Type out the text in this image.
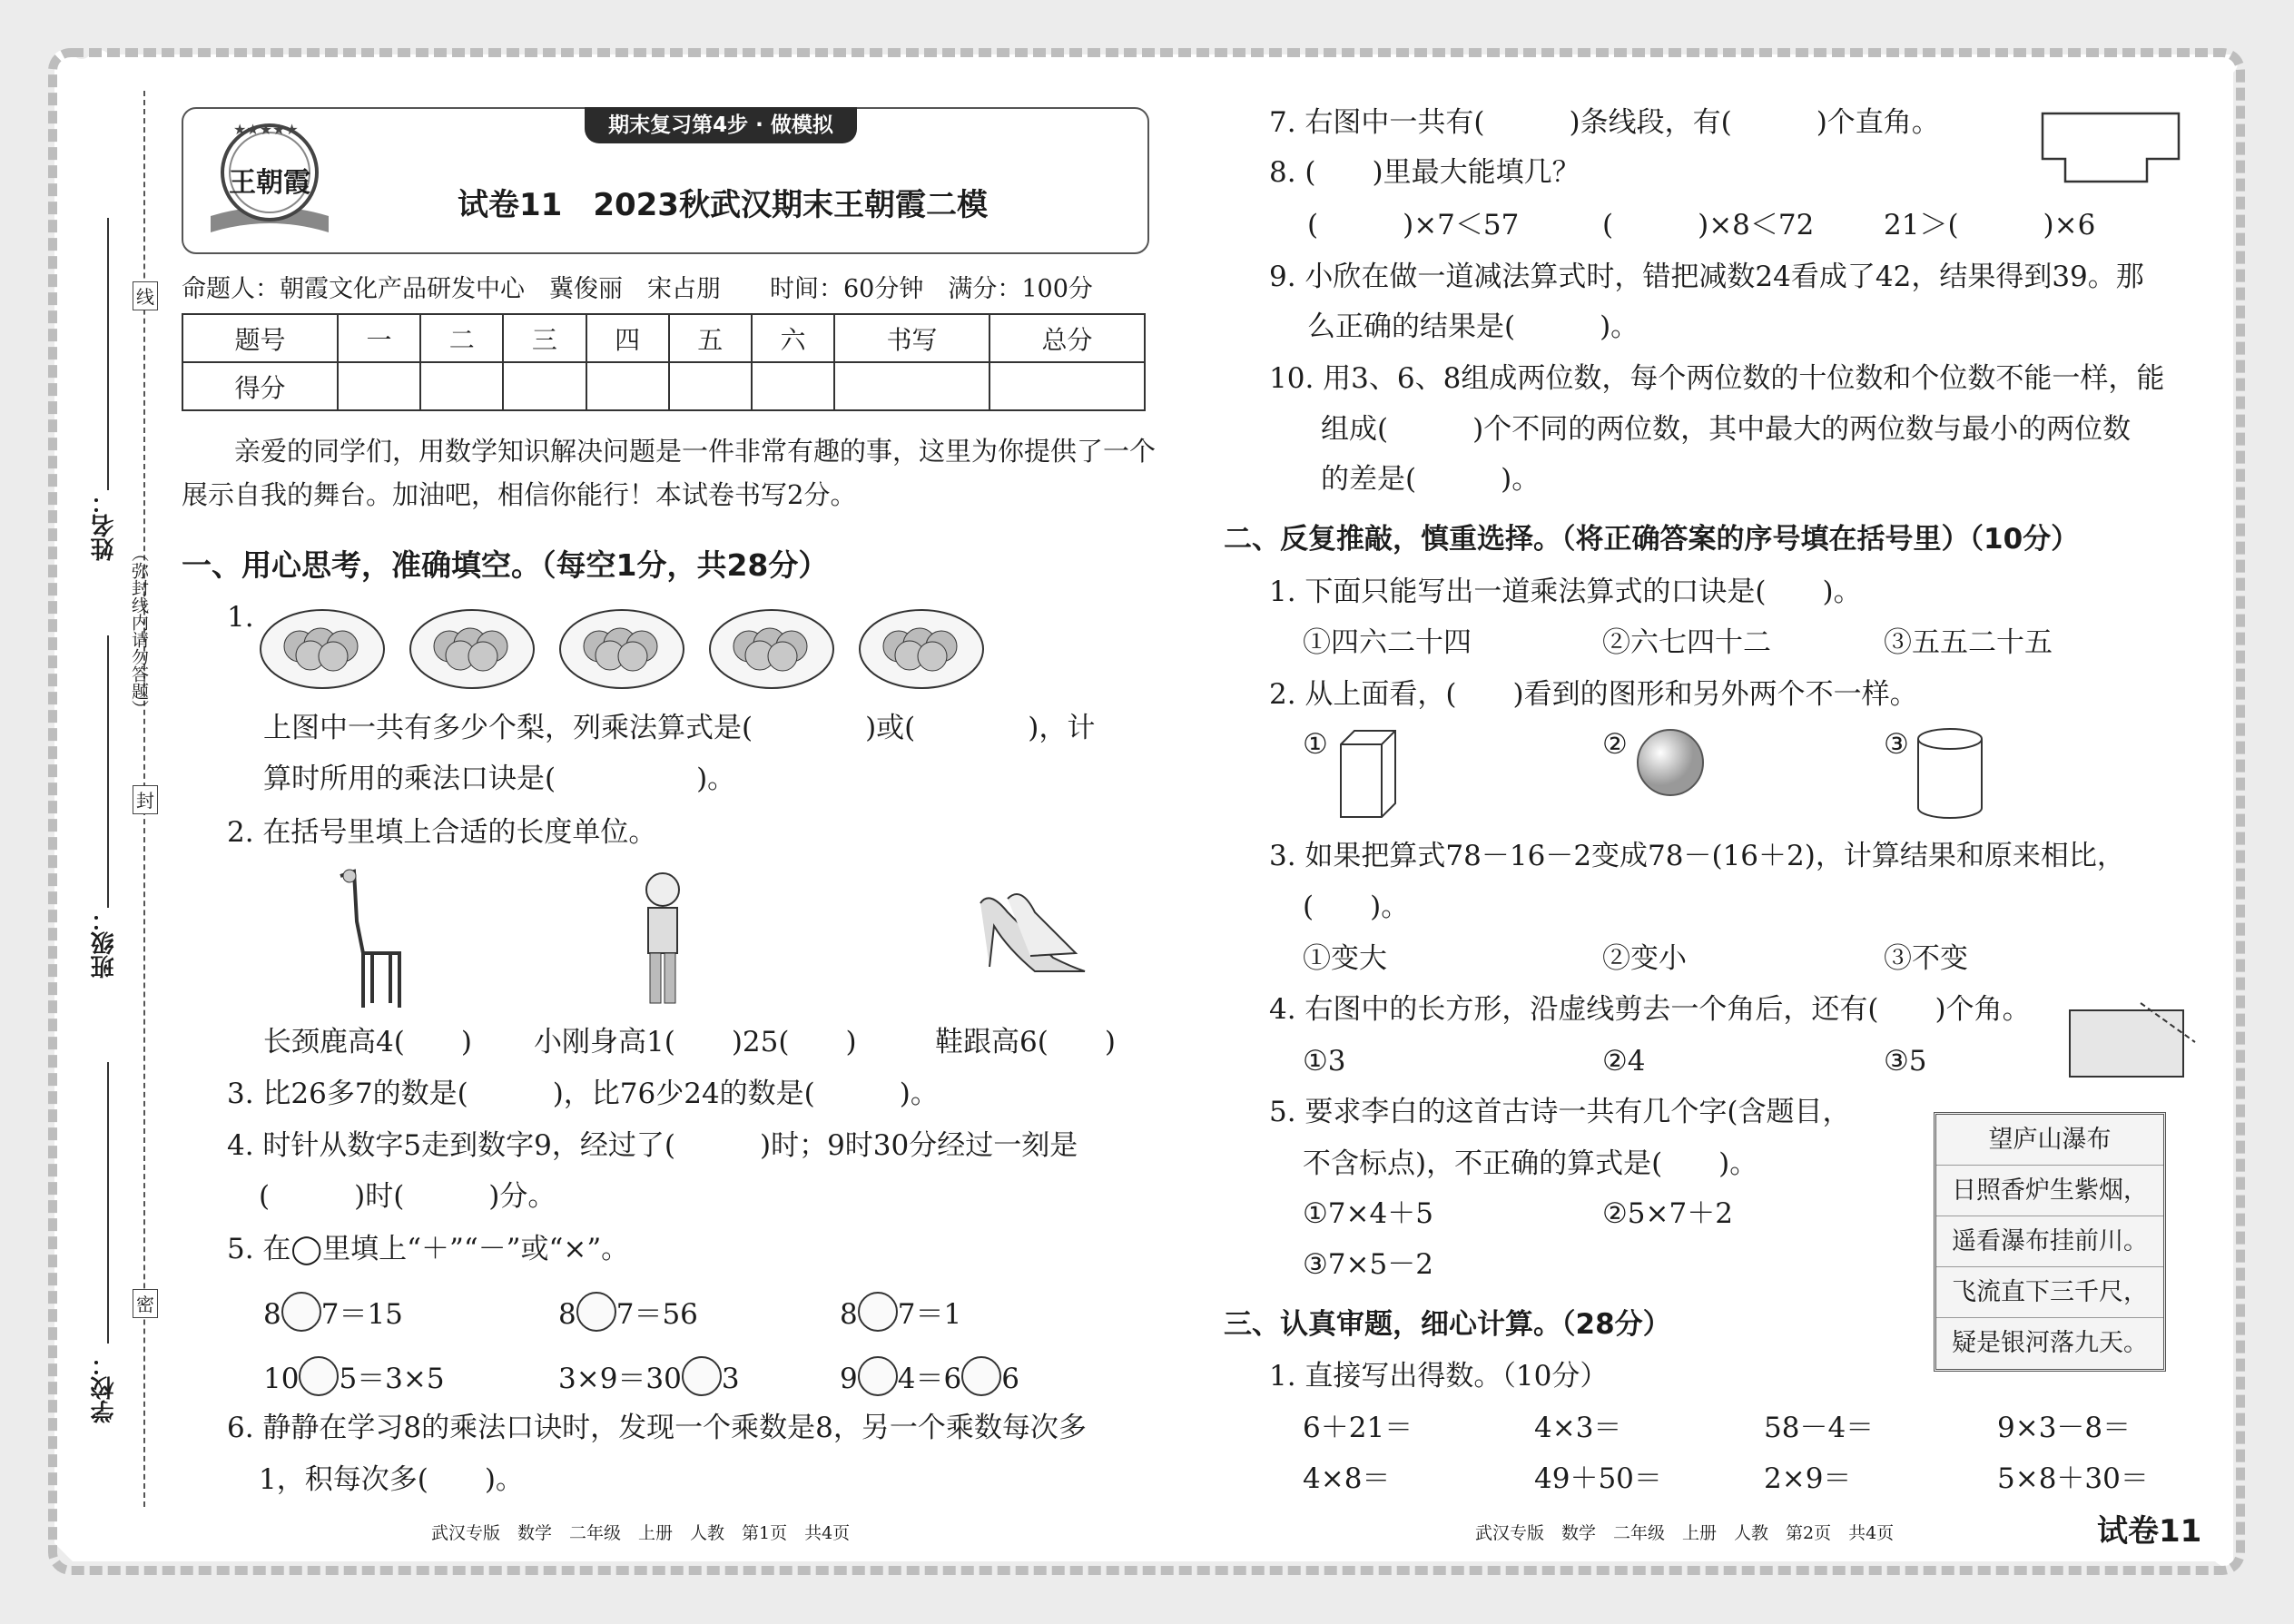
线
封
密
（弥封线内请勿答题）
姓名：
班级：
学校：
期末复习第4步 · 做模拟
★★★★★
王朝霞
试卷11　2023秋武汉期末王朝霞二模
命题人：朝霞文化产品研发中心　冀俊丽　宋占朋　　时间：60分钟　满分：100分
题号	一	二	三	四	五	六	书写	总分
得分								
亲爱的同学们，用数学知识解决问题是一件非常有趣的事，这里为你提供了一个
展示自我的舞台。加油吧，相信你能行！本试卷书写2分。
一、用心思考，准确填空。（每空1分，共28分）
1.
上图中一共有多少个梨，列乘法算式是(　　　　)或(　　　　)，计
算时所用的乘法口诀是(　　　　　)。
2. 在括号里填上合适的长度单位。
长颈鹿高4(　　) 小刚身高1(　　)25(　　)	鞋跟高6(　　)
3. 比26多7的数是(　　　)，比76少24的数是(　　　)。
4. 时针从数字5走到数字9，经过了(　　　)时；9时30分经过一刻是
(　　　)时(　　　)分。
5. 在◯里填上“＋”“－”或“×”。
8 7＝15	8 7＝56	8 7＝1
10 5＝3×5	3×9＝30 3	9 4＝6 6
6. 静静在学习8的乘法口诀时，发现一个乘数是8，另一个乘数每次多
1，积每次多(　　)。
武汉专版　数学　二年级　上册　人教　第1页　共4页
7. 右图中一共有(　　　)条线段，有(　　　)个直角。
8. (　　)里最大能填几？
(　　　)×7＜57	(　　　)×8＜72 21＞(　　　)×6
9. 小欣在做一道减法算式时，错把减数24看成了42，结果得到39。那
么正确的结果是(　　　)。
10. 用3、6、8组成两位数，每个两位数的十位数和个位数不能一样，能
组成(　　　)个不同的两位数，其中最大的两位数与最小的两位数
的差是(　　　)。
二、反复推敲，慎重选择。（将正确答案的序号填在括号里）（10分）
1. 下面只能写出一道乘法算式的口诀是(　　)。
①四六二十四	②六七四十二	③五五二十五
2. 从上面看，(　　)看到的图形和另外两个不一样。
①	②	③
3. 如果把算式78－16－2变成78－(16＋2)，计算结果和原来相比，
(　　)。
①变大	②变小	③不变
4. 右图中的长方形，沿虚线剪去一个角后，还有(　　)个角。
①3	②4	③5
5. 要求李白的这首古诗一共有几个字(含题目，
不含标点)，不正确的算式是(　　)。
①7×4＋5	②5×7＋2
③7×5－2
望庐山瀑布
日照香炉生紫烟，
遥看瀑布挂前川。
飞流直下三千尺，
疑是银河落九天。
三、认真审题，细心计算。（28分）
1. 直接写出得数。（10分）
6＋21＝	4×3＝	58－4＝	9×3－8＝
4×8＝	49＋50＝	2×9＝	5×8＋30＝
武汉专版　数学　二年级　上册　人教　第2页　共4页	试卷11
